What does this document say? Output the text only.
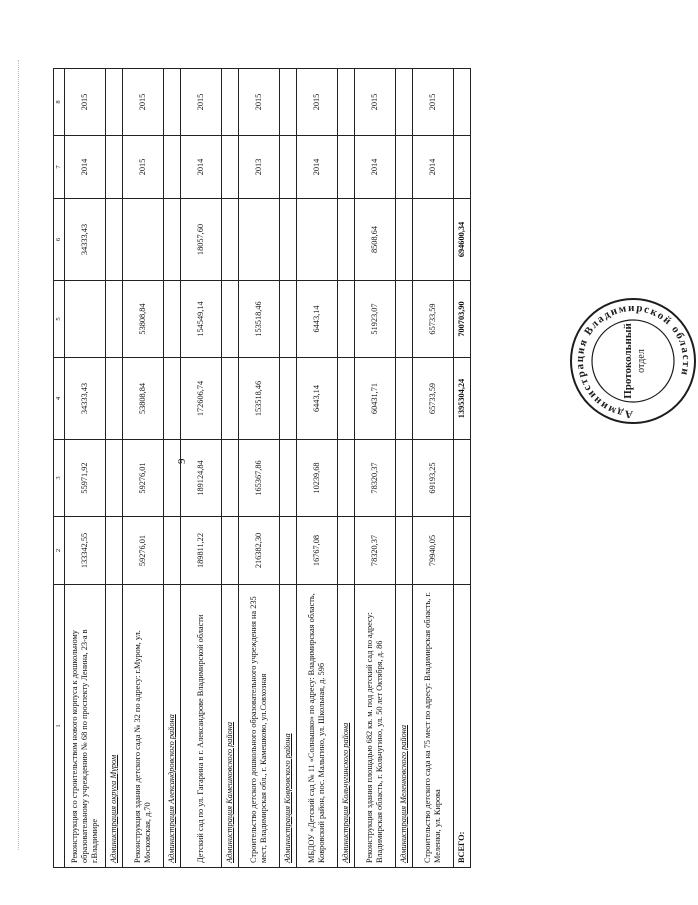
9
1	2	3	4	5	6	7	8
Реконструкция со строительством нового корпуса к дошкольному образовательному учреждению № 68 по проспекту Ленина, 23-а в г.Владимире	133342,55	55971,92	34333,43		34333,43	2014	2015
Администрация округа Муром							
Реконструкция здания детского сада № 32 по адресу: г.Муром, ул. Московская, д.70	59276,01	59276,01	53808,84	53808,84		2015	2015
Администрация Александровского района							
Детский сад по ул. Гагарина в г. Александрове Владимирской области	189811,22	189124,84	172606,74	154549,14	18057,60	2014	2015
Администрация Камешковского района							
Строительство детского дошкольного образовательного учреждения на 235 мест, Владимирская обл., г. Камешково, ул.Совхозная	216382,30	165367,86	153518,46	153518,46		2013	2015
Администрация Ковровского района							
МБДОУ «Детский сад № 11 «Солнышко» по адресу: Владимирская область, Ковровский район, пос. Малыгино, ул. Школьная, д. 59б	16767,08	10239,68	6443,14	6443,14		2014	2015
Администрация Кольчугинского района							
Реконструкция здания площадью 682 кв. м. под детский сад по адресу: Владимирская область, г. Кольчугино, ул. 50 лет Октября, д. 86	78320,37	78320,37	60431,71	51923,07	8508,64	2014	2015
Администрация Меленковского района							
Строительство детского сада на 75 мест по адресу: Владимирская область, г. Меленки, ул. Кирова	79940,05	69193,25	65733,59	65733,59		2014	2015
ВСЕГО:			1395304,24	700703,90	694600,34		
Администрация Владимирской области
Протокольный отдел
